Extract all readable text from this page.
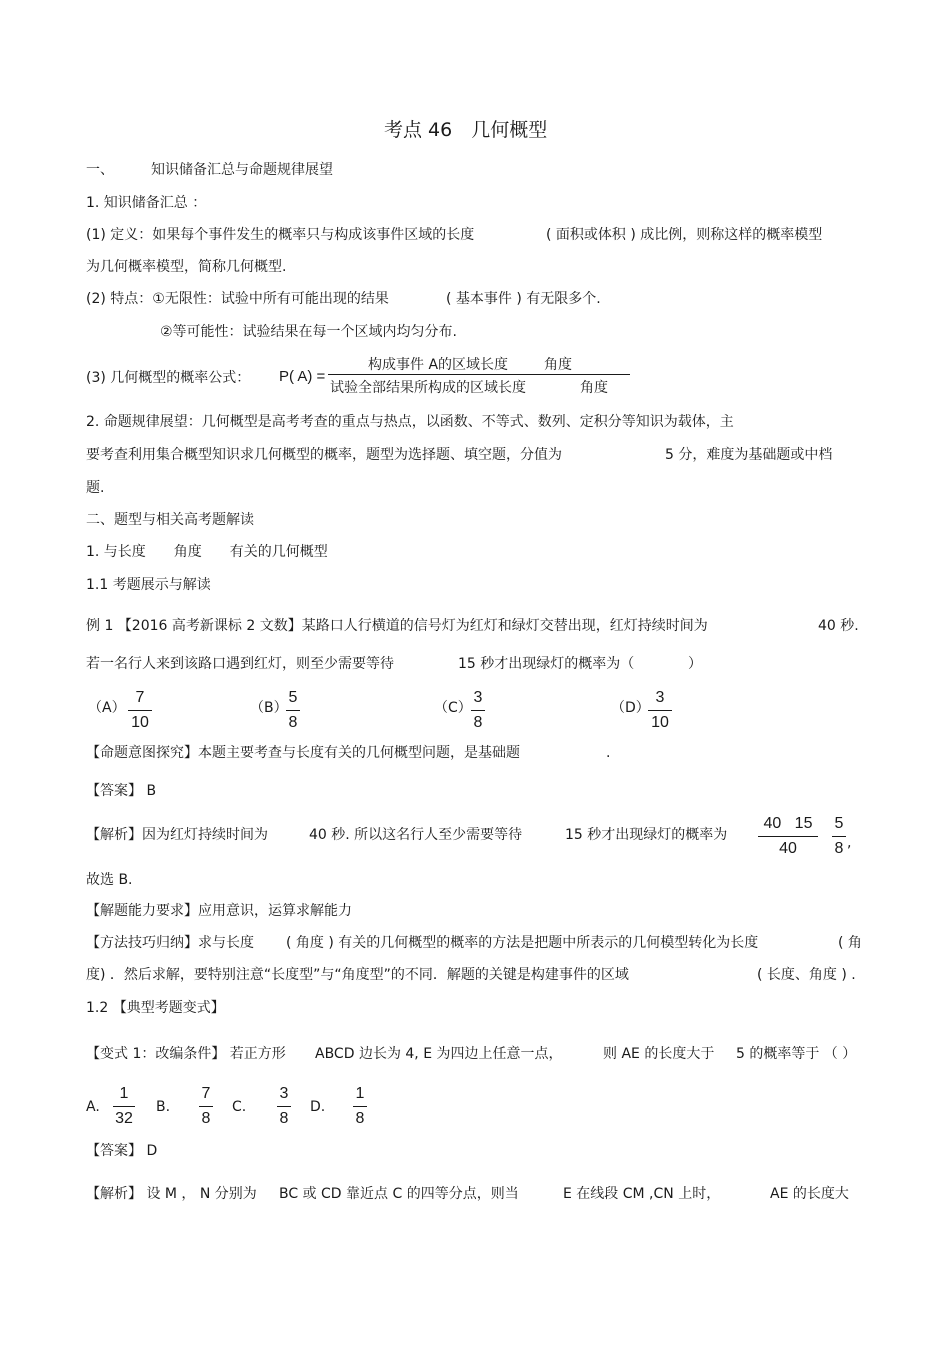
考点 46　几何概型
一、	知识储备汇总与命题规律展望
1. 知识储备汇总 ：
(1) 定义：如果每个事件发生的概率只与构成该事件区域的长度	( 面积或体积 ) 成比例，则称这样的概率模型
为几何概率模型，简称几何概型.
(2) 特点：①无限性：试验中所有可能出现的结果	( 基本事件 ) 有无限多个.
②等可能性：试验结果在每一个区域内均匀分布.
(3) 几何概型的概率公式： P( A) =
构成事件 A的区域长度	角度
试验全部结果所构成的区域长度	角度
2. 命题规律展望：几何概型是高考考查的重点与热点，以函数、不等式、数列、定积分等知识为载体，主
要考查利用集合概型知识求几何概型的概率，题型为选择题、填空题，分值为	5 分，难度为基础题或中档
题.
二、题型与相关高考题解读
1. 与长度　　角度　　有关的几何概型
1.1 考题展示与解读
例 1 【2016 高考新课标 2 文数】某路口人行横道的信号灯为红灯和绿灯交替出现，红灯持续时间为	40 秒.
若一名行人来到该路口遇到红灯，则至少需要等待	15 秒才出现绿灯的概率为（	）
（A）
7
10
（B）
5
8
（C）
3
8
（D）
3
10
【命题意图探究】本题主要考查与长度有关的几何概型问题，是基础题	.
【答案】 B
【解析】因为红灯持续时间为	40 秒. 所以这名行人至少需要等待	15 秒才出现绿灯的概率为
40   15
40
5
8 ,
故选 B.
【解题能力要求】应用意识，运算求解能力
【方法技巧归纳】求与长度 ( 角度 ) 有关的几何概型的概率的方法是把题中所表示的几何模型转化为长度	( 角
度) ．然后求解，要特别注意“长度型”与“角度型”的不同．解题的关键是构建事件的区域	( 长度、角度 ) .
1.2 【典型考题变式】
【变式 1：改编条件】 若正方形 ABCD 边长为 4, E 为四边上任意一点，	则 AE 的长度大于 5 的概率等于 （ ）
A.
1
32
B.
7
8
C.
3
8
D.
1
8
【答案】 D
【解析】 设 M ， N 分别为 BC 或 CD 靠近点 C 的四等分点，则当	E 在线段 CM ,CN 上时，	AE 的长度大
